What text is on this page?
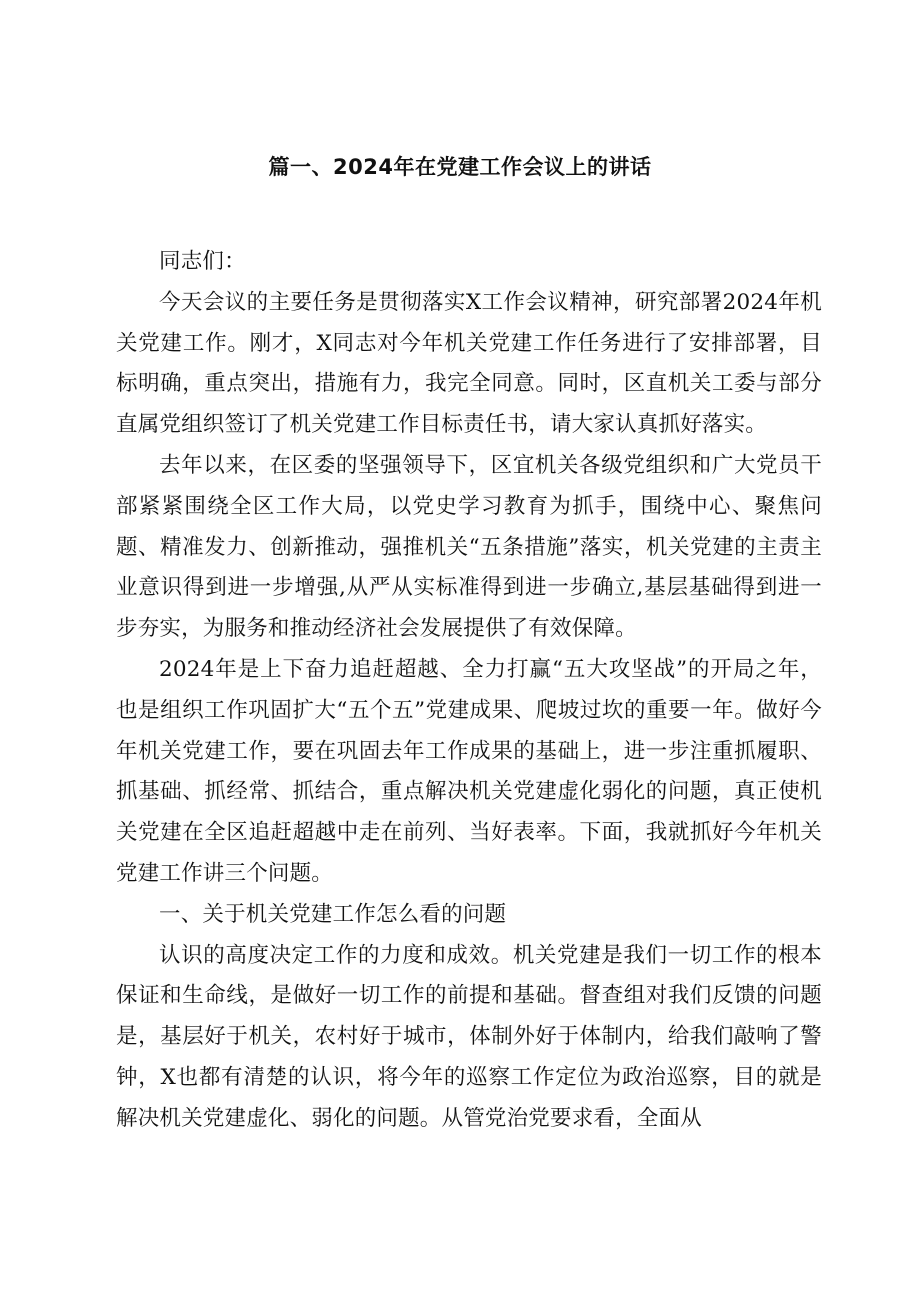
篇一、2024年在党建工作会议上的讲话

同志们：

今天会议的主要任务是贯彻落实X工作会议精神，研究部署2024年机关党建工作。刚才，X同志对今年机关党建工作任务进行了安排部署，目标明确，重点突出，措施有力，我完全同意。同时，区直机关工委与部分直属党组织签订了机关党建工作目标责任书，请大家认真抓好落实。

去年以来，在区委的坚强领导下，区宜机关各级党组织和广大党员干部紧紧围绕全区工作大局，以党史学习教育为抓手，围绕中心、聚焦问题、精准发力、创新推动，强推机关“五条措施”落实，机关党建的主责主业意识得到进一步增强,从严从实标准得到进一步确立,基层基础得到进一步夯实，为服务和推动经济社会发展提供了有效保障。

2024年是上下奋力追赶超越、全力打赢“五大攻坚战”的开局之年，也是组织工作巩固扩大“五个五”党建成果、爬坡过坎的重要一年。做好今年机关党建工作，要在巩固去年工作成果的基础上，进一步注重抓履职、抓基础、抓经常、抓结合，重点解决机关党建虚化弱化的问题，真正使机关党建在全区追赶超越中走在前列、当好表率。下面，我就抓好今年机关党建工作讲三个问题。

一、关于机关党建工作怎么看的问题

认识的高度决定工作的力度和成效。机关党建是我们一切工作的根本保证和生命线，是做好一切工作的前提和基础。督查组对我们反馈的问题是，基层好于机关，农村好于城市，体制外好于体制内，给我们敲响了警钟，X也都有清楚的认识，将今年的巡察工作定位为政治巡察，目的就是解决机关党建虚化、弱化的问题。从管党治党要求看，全面从
